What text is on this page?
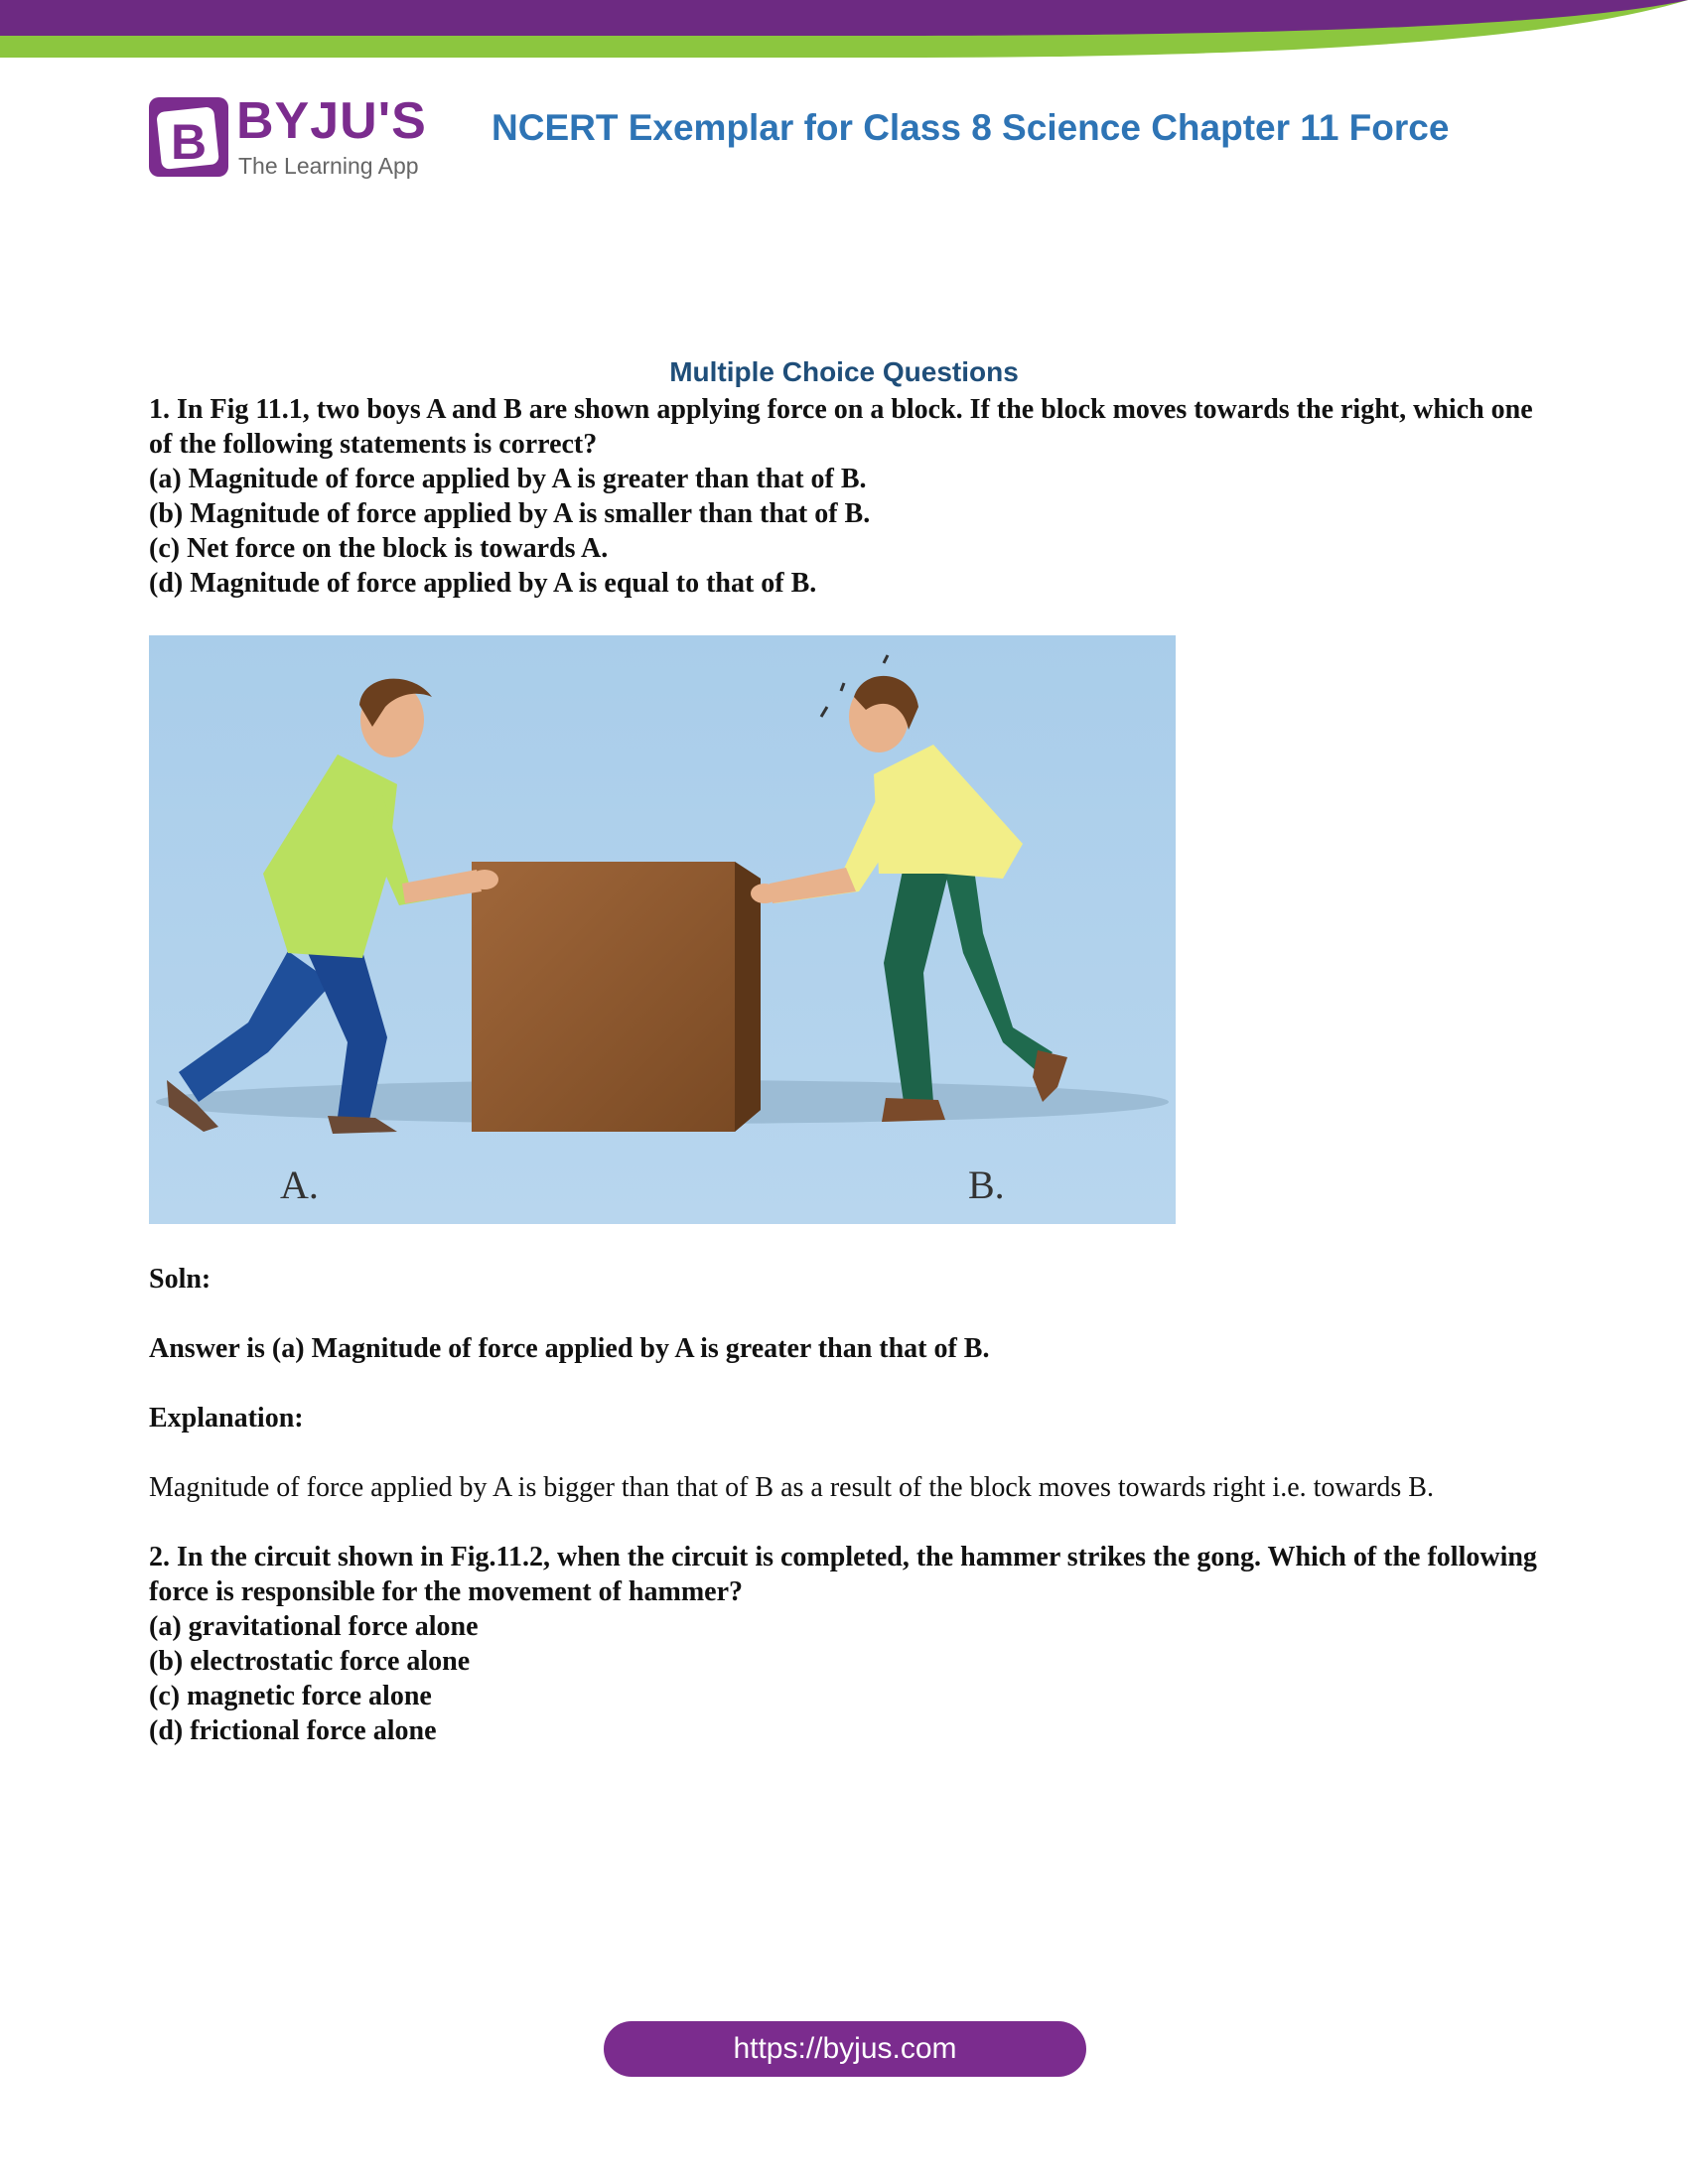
B BYJU'S
The Learning App
NCERT Exemplar for Class 8 Science Chapter 11 Force

Multiple Choice Questions

1. In Fig 11.1, two boys A and B are shown applying force on a block. If the block moves towards the right, which one of the following statements is correct?

(a) Magnitude of force applied by A is greater than that of B.

(b) Magnitude of force applied by A is smaller than that of B.

(c) Net force on the block is towards A.

(d) Magnitude of force applied by A is equal to that of B.

A.	B.

Soln:

Answer is (a) Magnitude of force applied by A is greater than that of B.

Explanation:

Magnitude of force applied by A is bigger than that of B as a result of the block moves towards right i.e. towards B.

2. In the circuit shown in Fig.11.2, when the circuit is completed, the hammer strikes the gong. Which of the following force is responsible for the movement of hammer?

(a) gravitational force alone

(b) electrostatic force alone

(c) magnetic force alone

(d) frictional force alone

https://byjus.com
